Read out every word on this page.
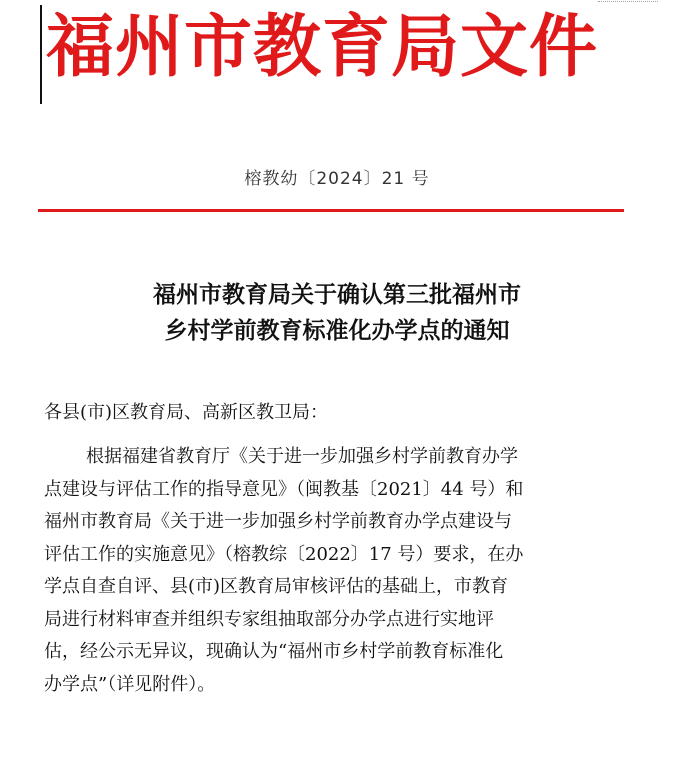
福州市教育局文件
榕教幼〔2024〕21 号
福州市教育局关于确认第三批福州市
乡村学前教育标准化办学点的通知
各县(市)区教育局、高新区教卫局：
根据福建省教育厅《关于进一步加强乡村学前教育办学
点建设与评估工作的指导意见》（闽教基〔2021〕44 号）和
福州市教育局《关于进一步加强乡村学前教育办学点建设与
评估工作的实施意见》（榕教综〔2022〕17 号）要求，在办
学点自查自评、县(市)区教育局审核评估的基础上，市教育
局进行材料审查并组织专家组抽取部分办学点进行实地评
估，经公示无异议，现确认为“福州市乡村学前教育标准化
办学点”（详见附件）。
